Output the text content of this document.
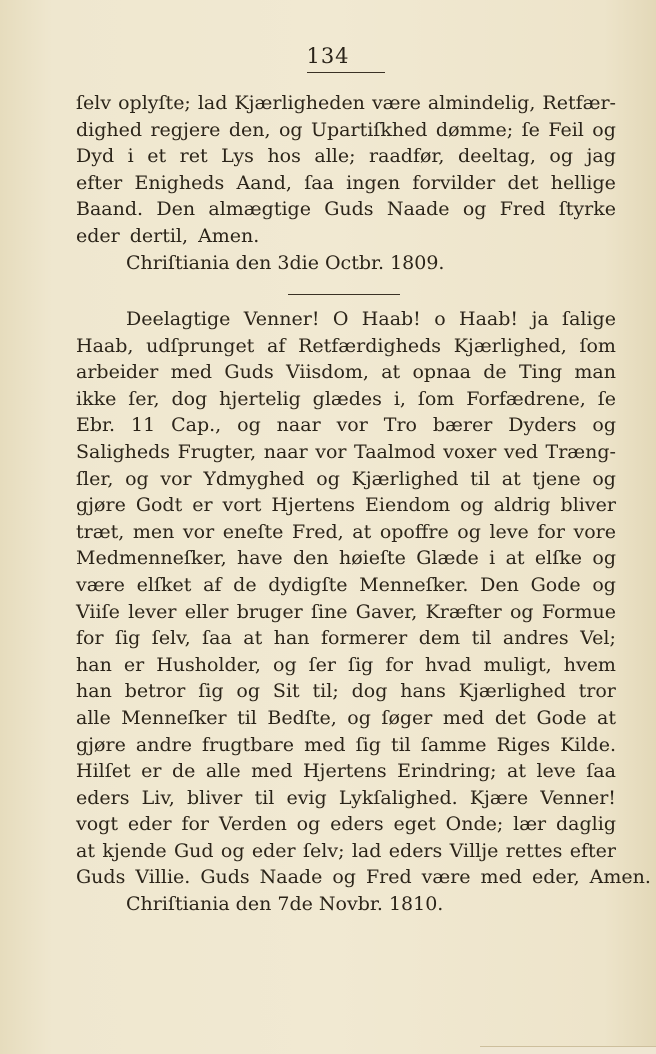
134
ſelv oplyſte; lad Kjærligheden være almindelig, Retfær-
dighed regjere den, og Upartiſkhed dømme; ſe Feil og
Dyd i et ret Lys hos alle; raadfør, deeltag, og jag
efter Enigheds Aand, ſaa ingen forvilder det hellige
Baand. Den almægtige Guds Naade og Fred ſtyrke
eder dertil, Amen.
Chriſtiania den 3die Octbr. 1809.
Deelagtige Venner! O Haab! o Haab! ja ſalige
Haab, udſprunget af Retfærdigheds Kjærlighed, ſom
arbeider med Guds Viisdom, at opnaa de Ting man
ikke ſer, dog hjertelig glædes i, ſom Forfædrene, ſe
Ebr. 11 Cap., og naar vor Tro bærer Dyders og
Saligheds Frugter, naar vor Taalmod voxer ved Træng-
ſler, og vor Ydmyghed og Kjærlighed til at tjene og
gjøre Godt er vort Hjertens Eiendom og aldrig bliver
træt, men vor eneſte Fred, at opoffre og leve for vore
Medmenneſker, have den høieſte Glæde i at elſke og
være elſket af de dydigſte Menneſker. Den Gode og
Viiſe lever eller bruger ſine Gaver, Kræfter og Formue
for ſig ſelv, ſaa at han formerer dem til andres Vel;
han er Husholder, og ſer ſig for hvad muligt, hvem
han betror ſig og Sit til; dog hans Kjærlighed tror
alle Menneſker til Bedſte, og ſøger med det Gode at
gjøre andre frugtbare med ſig til ſamme Riges Kilde.
Hilſet er de alle med Hjertens Erindring; at leve ſaa
eders Liv, bliver til evig Lykſalighed. Kjære Venner!
vogt eder for Verden og eders eget Onde; lær daglig
at kjende Gud og eder ſelv; lad eders Villje rettes efter
Guds Villie. Guds Naade og Fred være med eder, Amen.
Chriſtiania den 7de Novbr. 1810.
